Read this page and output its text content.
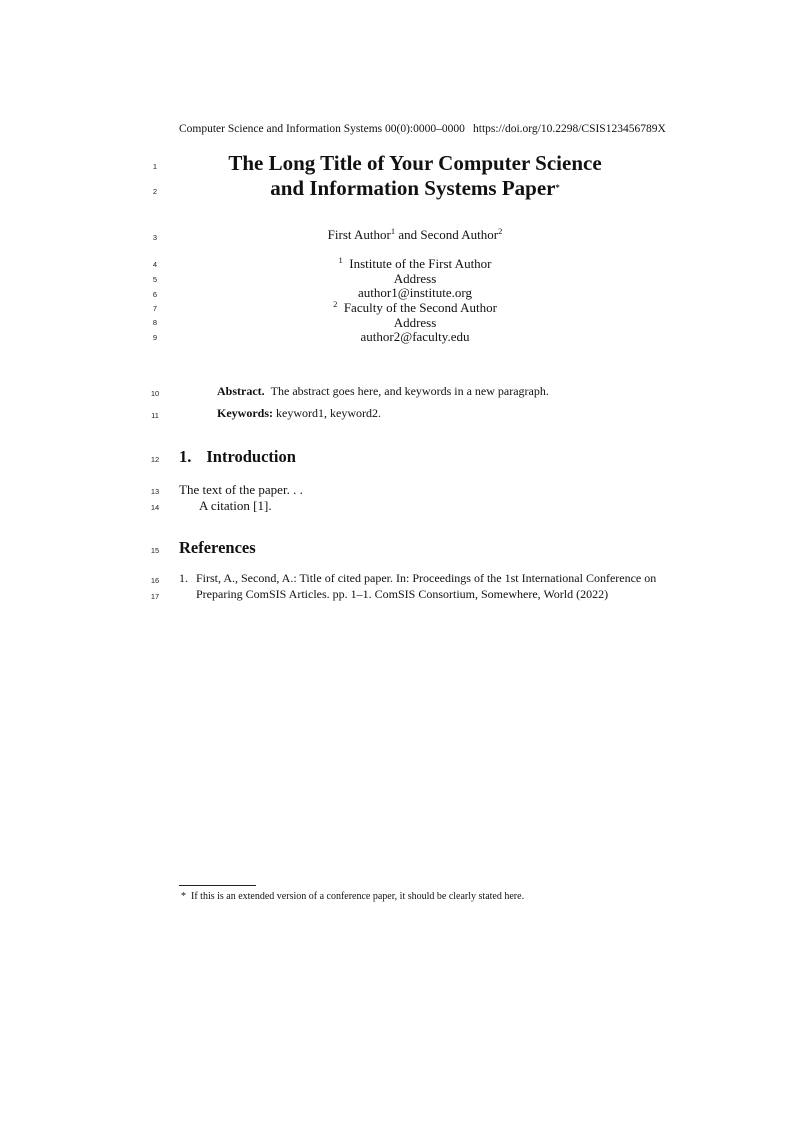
Computer Science and Information Systems 00(0):0000–0000 https://doi.org/10.2298/CSIS123456789X
1
2
3
4
5
6
7
8
9
10
11
12
13
14
15
16
17
The Long Title of Your Computer Science
and Information Systems Paper*
First Author$^1$ and Second Author$^2$
$^1$ Institute of the First Author
Address
author1@institute.org
$^2$ Faculty of the Second Author
Address
author2@faculty.edu
Abstract. The abstract goes here, and keywords in a new paragraph.
Keywords: keyword1, keyword2.
1. Introduction
The text of the paper. . .
A citation [1].
References
1. First, A., Second, A.: Title of cited paper. In: Proceedings of the 1st International Conference on
Preparing ComSIS Articles. pp. 1–1. ComSIS Consortium, Somewhere, World (2022)
* If this is an extended version of a conference paper, it should be clearly stated here.
